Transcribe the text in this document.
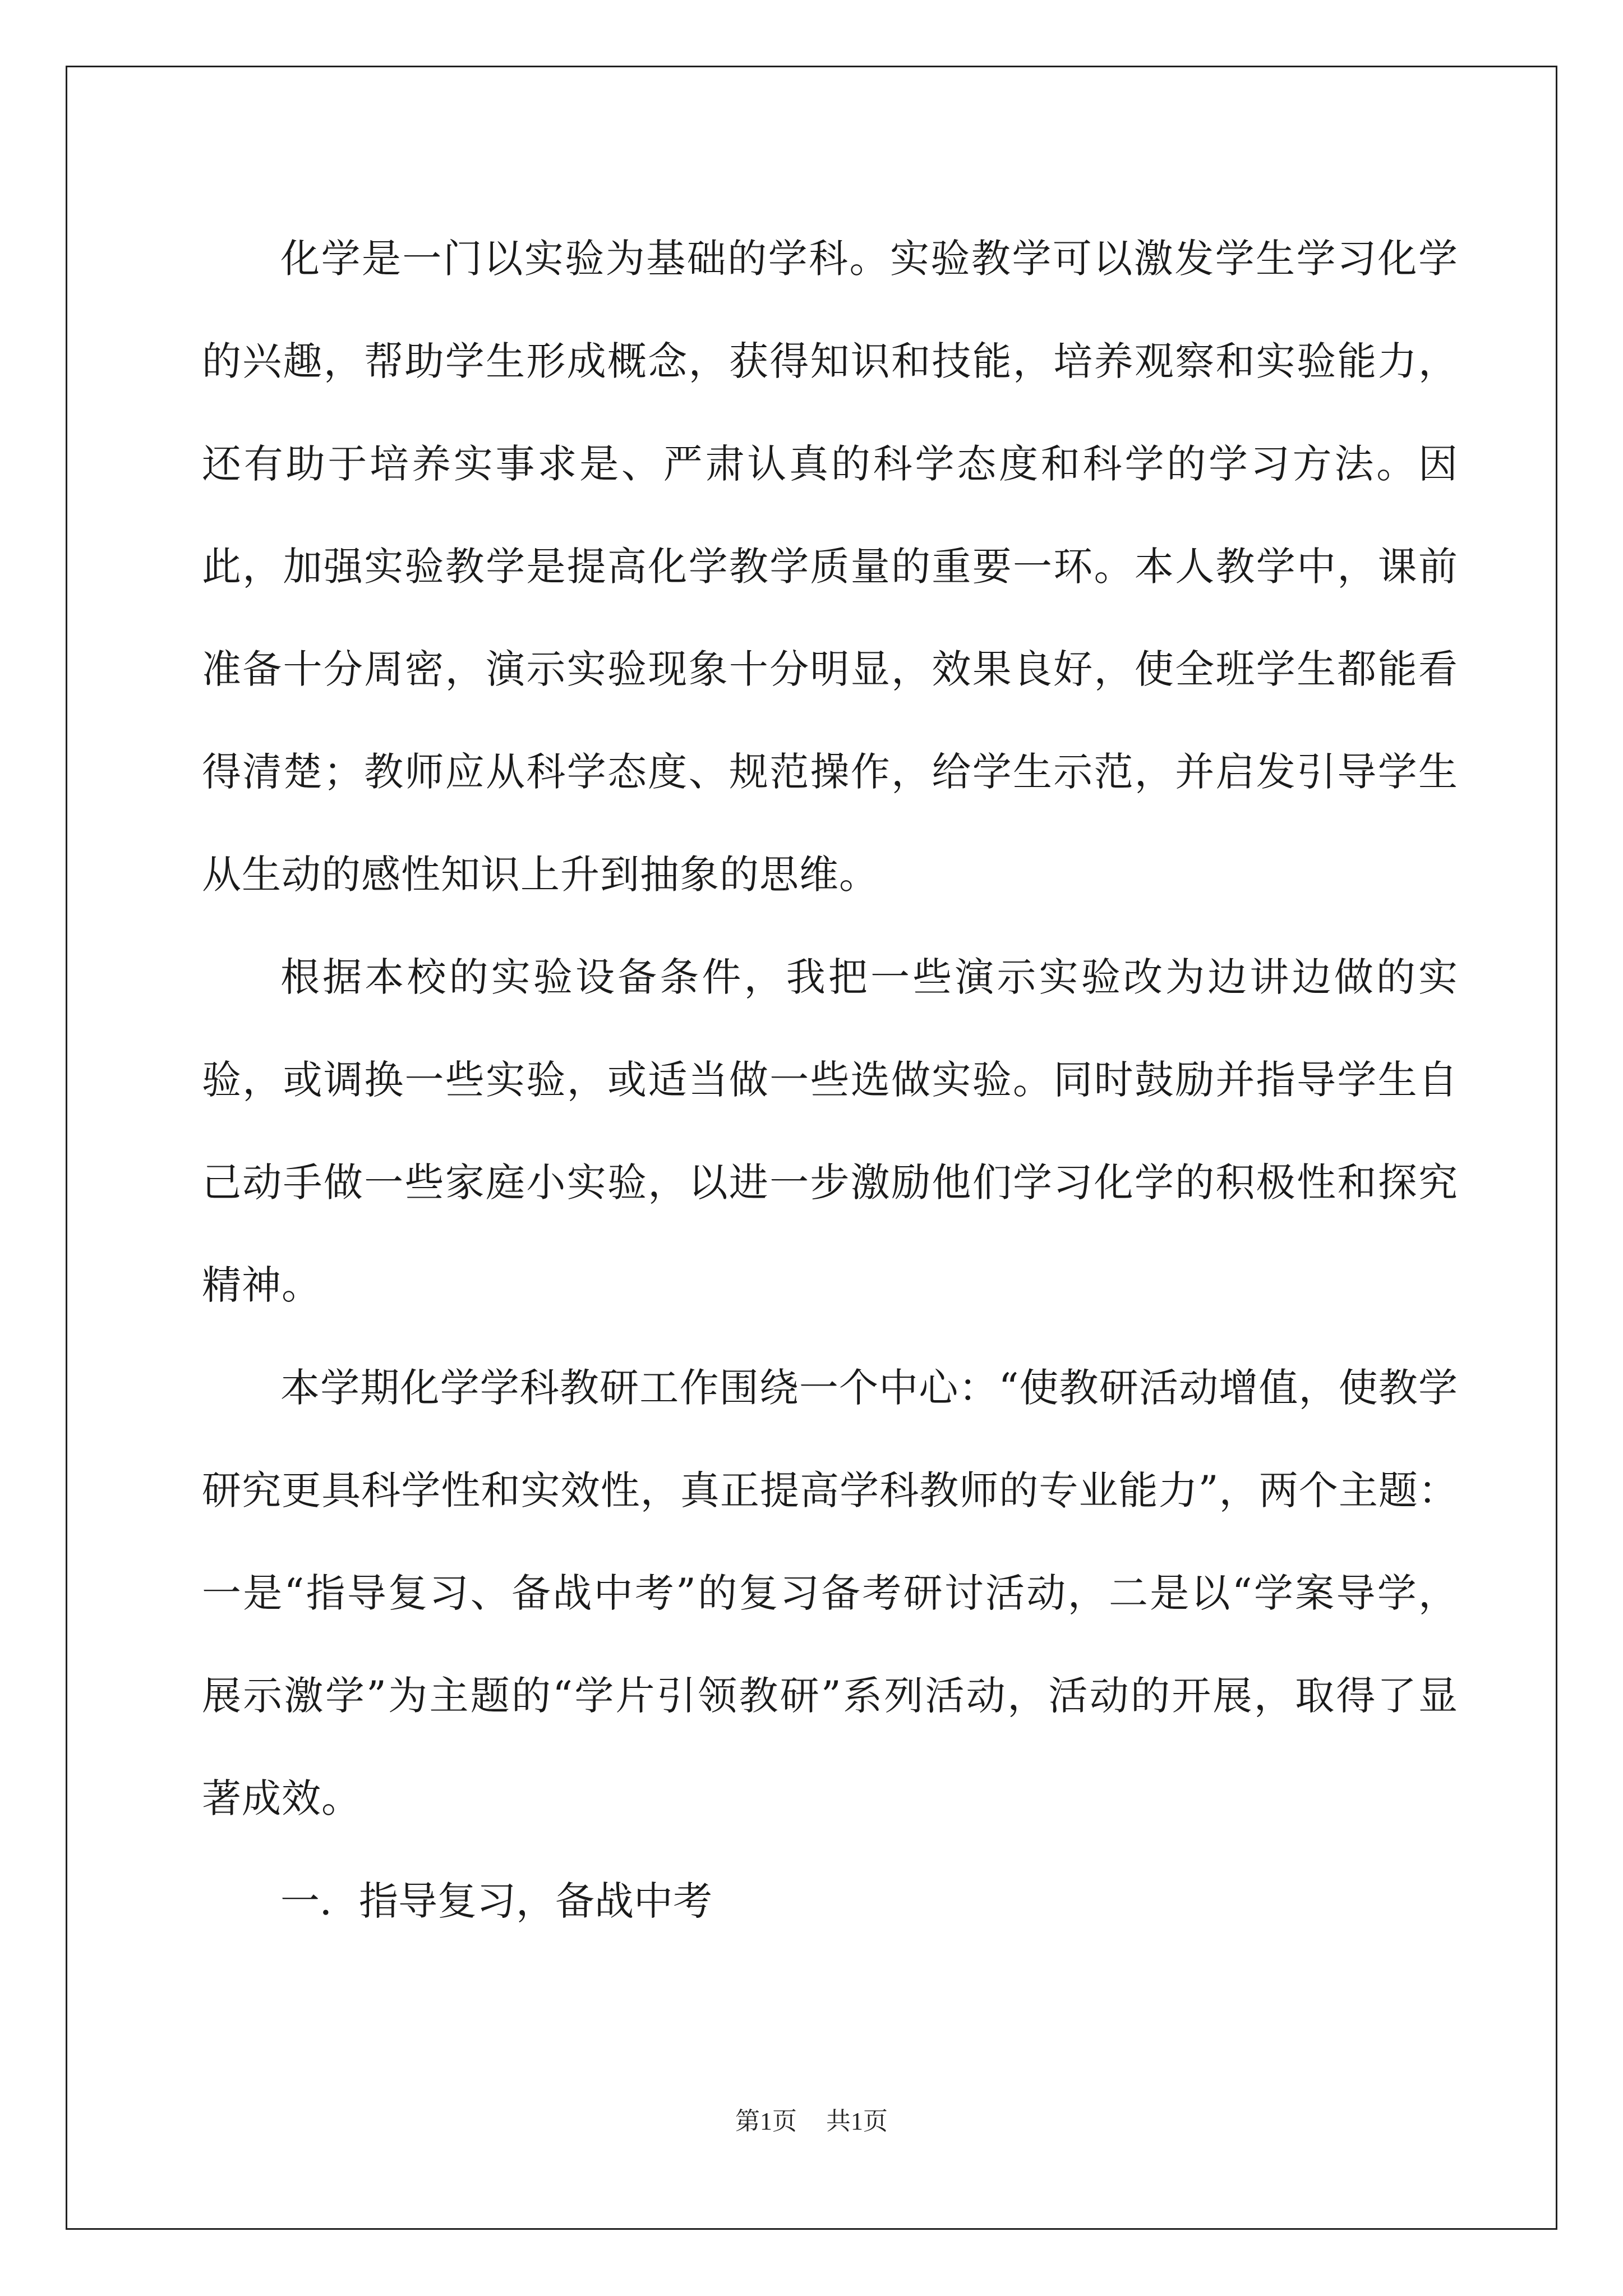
化学是一门以实验为基础的学科。实验教学可以激发学生学习化学的兴趣，帮助学生形成概念，获得知识和技能，培养观察和实验能力，还有助于培养实事求是、严肃认真的科学态度和科学的学习方法。因此，加强实验教学是提高化学教学质量的重要一环。本人教学中，课前准备十分周密，演示实验现象十分明显，效果良好，使全班学生都能看得清楚；教师应从科学态度、规范操作，给学生示范，并启发引导学生从生动的感性知识上升到抽象的思维。

根据本校的实验设备条件，我把一些演示实验改为边讲边做的实验，或调换一些实验，或适当做一些选做实验。同时鼓励并指导学生自己动手做一些家庭小实验，以进一步激励他们学习化学的积极性和探究精神。

本学期化学学科教研工作围绕一个中心：“使教研活动增值，使教学研究更具科学性和实效性，真正提高学科教师的专业能力”，两个主题：一是“指导复习、备战中考”的复习备考研讨活动，二是以“学案导学，展示激学”为主题的“学片引领教研”系列活动，活动的开展，取得了显著成效。

一．指导复习，备战中考

第1页 共1页
